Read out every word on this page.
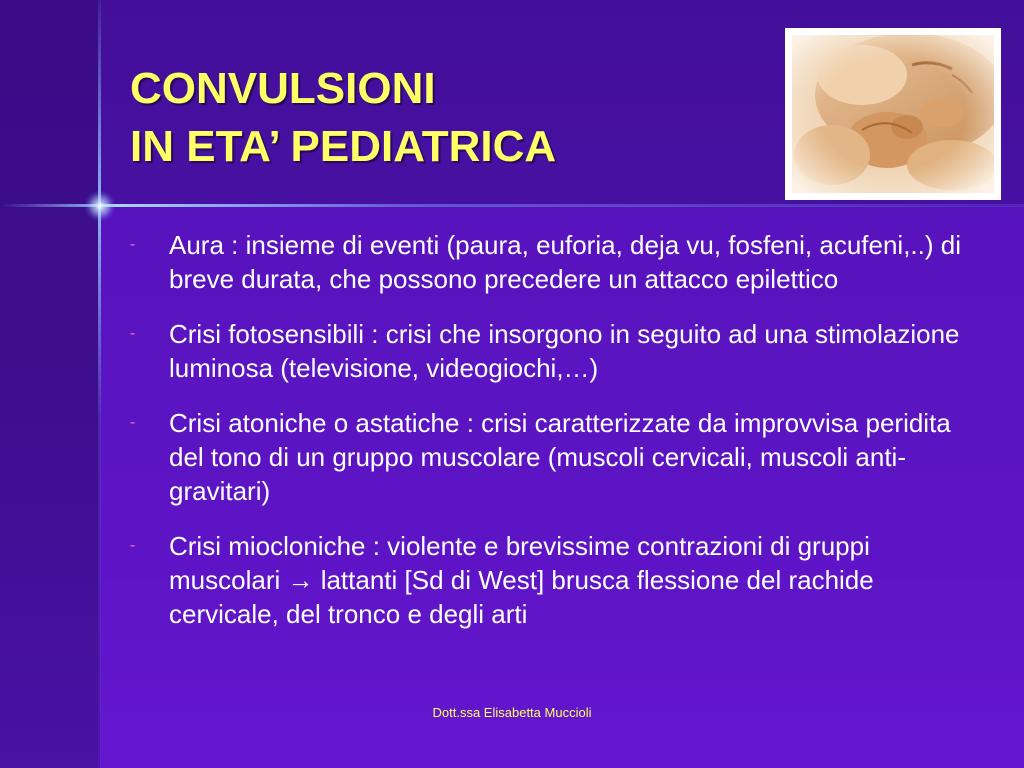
CONVULSIONI
IN ETA’ PEDIATRICA
- Aura : insieme di eventi (paura, euforia, deja vu, fosfeni, acufeni,..) di breve durata, che possono precedere un attacco epilettico
- Crisi fotosensibili : crisi che insorgono in seguito ad una stimolazione luminosa (televisione, videogiochi,…)
- Crisi atoniche o astatiche : crisi caratterizzate da improvvisa peridita del tono di un gruppo muscolare (muscoli cervicali, muscoli anti-gravitari)
- Crisi miocloniche : violente e brevissime contrazioni di gruppi muscolari → lattanti [Sd di West] brusca flessione del rachide cervicale, del tronco e degli arti
Dott.ssa Elisabetta Muccioli
